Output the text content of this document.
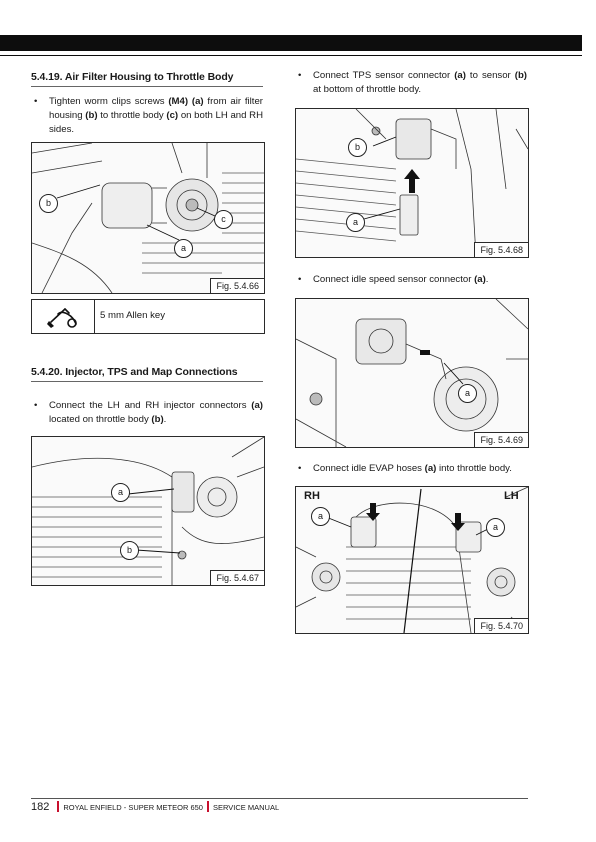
5.4.19. Air Filter Housing to Throttle Body
• Tighten worm clips screws (M4) (a) from air filter housing (b) to throttle body (c) on both LH and RH sides.
b
c
a
Fig. 5.4.66
5 mm Allen key
5.4.20. Injector, TPS and Map Connections
• Connect the LH and RH injector connectors (a) located on throttle body (b).
a
b
Fig. 5.4.67
• Connect TPS sensor connector (a) to sensor (b) at bottom of throttle body.
b
a
Fig. 5.4.68
• Connect idle speed sensor connector (a).
a
Fig. 5.4.69
• Connect idle EVAP hoses (a) into throttle body.
RH	LH
a
a
Fig. 5.4.70
182 ROYAL ENFIELD - SUPER METEOR 650 SERVICE MANUAL
